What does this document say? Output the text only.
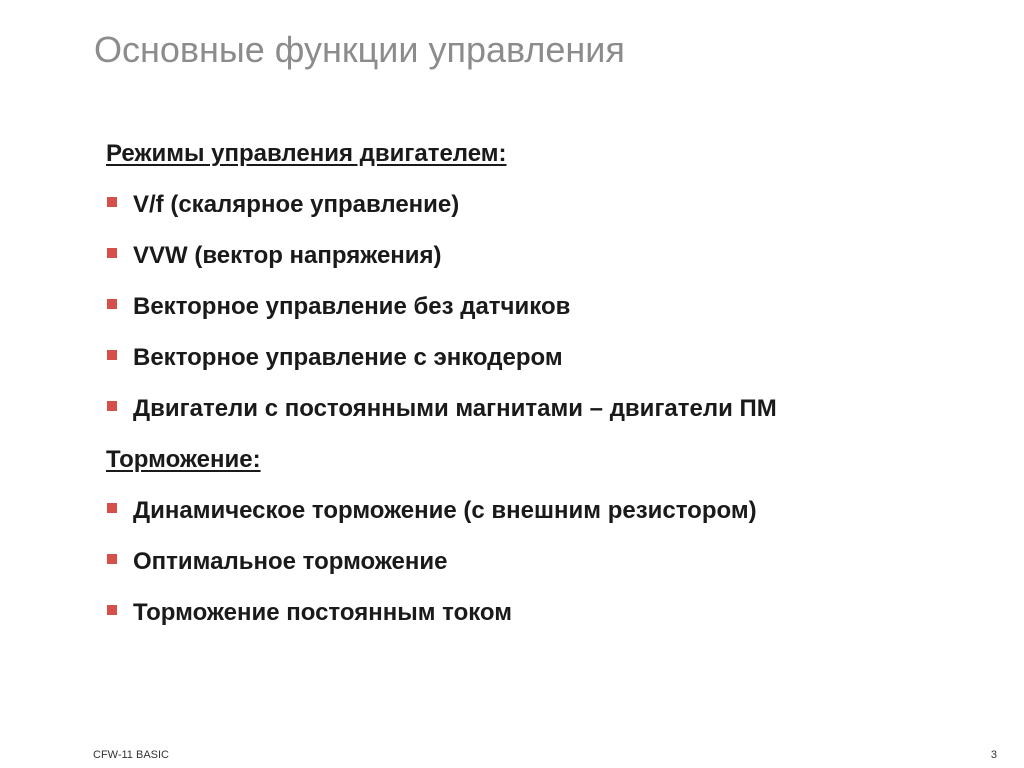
Основные функции управления
Режимы управления двигателем:
V/f (скалярное управление)
VVW (вектор напряжения)
Векторное управление без датчиков
Векторное управление с энкодером
Двигатели с постоянными магнитами – двигатели ПМ
Торможение:
Динамическое торможение (с внешним резистором)
Оптимальное торможение
Торможение постоянным током
CFW-11 BASIC	3
